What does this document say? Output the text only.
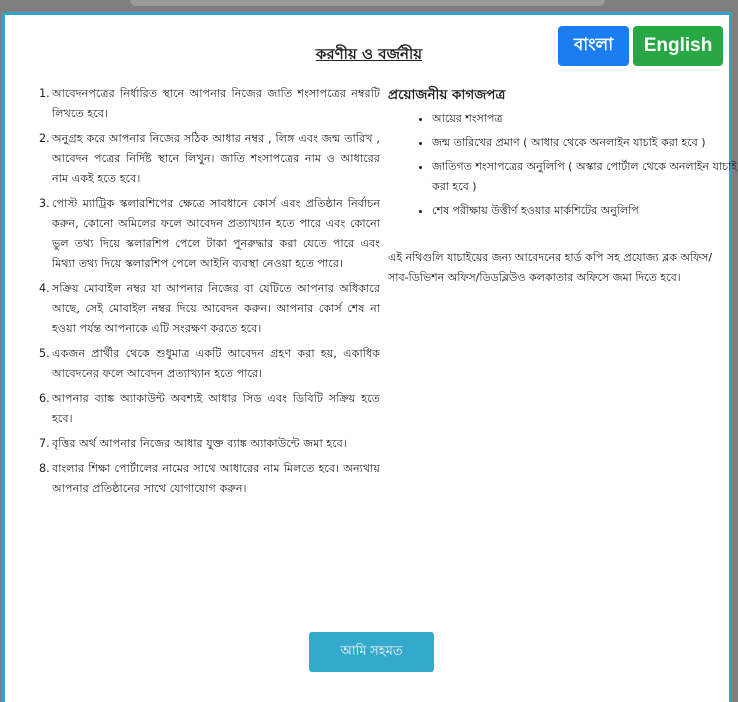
করণীয় ও বর্জনীয়	বাংলা	English
আবেদনপত্রের নির্ধারিত স্থানে আপনার নিজের জাতি শংসাপত্রের নম্বরটি লিখতে হবে।
অনুগ্রহ করে আপনার নিজের সঠিক আধার নম্বর , লিঙ্গ এবং জন্ম তারিখ , আবেদন পত্রের নির্দিষ্ট স্থানে লিখুন। জাতি শংসাপত্রের নাম ও আধারের নাম একই হতে হবে।
পোস্ট ম্যাট্রিক স্কলারশিপের ক্ষেত্রে সাবধানে কোর্স এবং প্রতিষ্ঠান নির্বাচন করুন, কোনো অমিলের ফলে আবেদন প্রত্যাখ্যান হতে পারে এবং কোনো ভুল তথ্য দিয়ে স্কলারশিপ পেলে টাকা পুনরুদ্ধার করা যেতে পারে এবং মিথ্যা তথ্য দিয়ে স্কলারশিপ পেলে আইনি ব্যবস্থা নেওয়া হতে পারে।
সক্রিয় মোবাইল নম্বর যা আপনার নিজের বা যেটিতে আপনার অধিকারে আছে, সেই মোবাইল নম্বর দিয়ে আবেদন করুন। আপনার কোর্স শেষ না হওয়া পর্যন্ত আপনাকে এটি সংরক্ষণ করতে হবে।
একজন প্রার্থীর থেকে শুধুমাত্র একটি আবেদন গ্রহণ করা হয়, একাধিক আবেদনের ফলে আবেদন প্রত্যাখ্যান হতে পারে।
আপনার ব্যাঙ্ক অ্যাকাউন্ট অবশ্যই আধার সিড এবং ডিবিটি সক্রিয় হতে হবে।
বৃত্তির অর্থ আপনার নিজের আধার যুক্ত ব্যাঙ্ক অ্যাকাউন্টে জমা হবে।
বাংলার শিক্ষা পোর্টালের নামের সাথে আধারের নাম মিলতে হবে। অন্যথায় আপনার প্রতিষ্ঠানের সাথে যোগাযোগ করুন।
প্রয়োজনীয় কাগজপত্র
• আয়ের শংসাপত্র
• জন্ম তারিখের প্রমাণ ( আধার থেকে অনলাইন যাচাই করা হবে )
• জাতিগত শংসাপত্রের অনুলিপি ( অস্কার পোর্টাল থেকে অনলাইন যাচাই করা হবে )
• শেষ পরীক্ষায় উত্তীর্ণ হওয়ার মার্কশিটের অনুলিপি
এই নথিগুলি যাচাইয়ের জন্য আবেদনের হার্ড কপি সহ প্রযোজ্য ব্লক অফিস/সাব-ডিভিশন অফিস/ডিডব্লিউও কলকাতার অফিসে জমা দিতে হবে।
আমি সহমত
